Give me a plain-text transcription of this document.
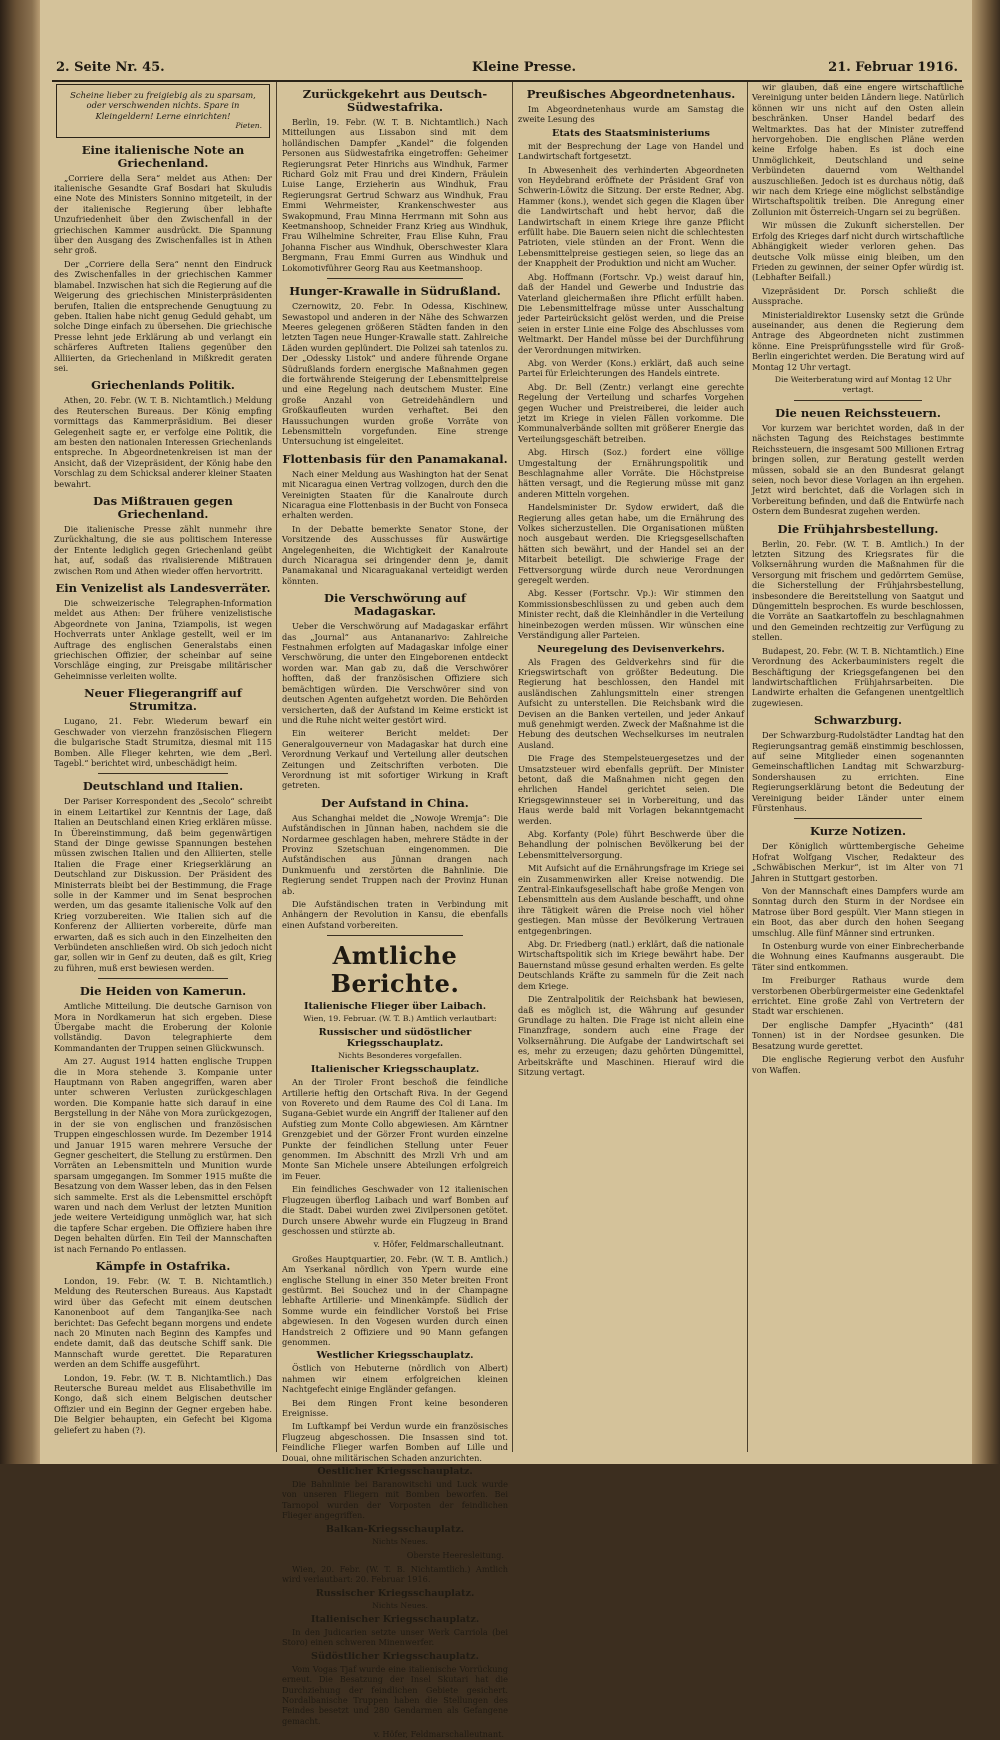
2. Seite Nr. 45.	Kleine Presse.	21. Februar 1916.
Scheine lieber zu freigiebig als zu sparsam, oder verschwenden nichts. Spare in Kleingeldern! Lerne einrichten!
Pieten.
Eine italienische Note an Griechenland.

„Corriere della Sera“ meldet aus Athen: Der italienische Gesandte Graf Bosdari hat Skuludis eine Note des Ministers Sonnino mitgeteilt, in der der italienische Regierung über lebhafte Unzufriedenheit über den Zwischenfall in der griechischen Kammer ausdrückt. Die Spannung über den Ausgang des Zwischenfalles ist in Athen sehr groß.

Der „Corriere della Sera“ nennt den Eindruck des Zwischenfalles in der griechischen Kammer blamabel. Inzwischen hat sich die Regierung auf die Weigerung des griechischen Ministerpräsidenten berufen, Italien die entsprechende Genugtuung zu geben. Italien habe nicht genug Geduld gehabt, um solche Dinge einfach zu übersehen. Die griechische Presse lehnt jede Erklärung ab und verlangt ein schärferes Auftreten Italiens gegenüber den Alliierten, da Griechenland in Mißkredit geraten sei.

Griechenlands Politik.

Athen, 20. Febr. (W. T. B. Nichtamtlich.) Meldung des Reuterschen Bureaus. Der König empfing vormittags das Kammerpräsidium. Bei dieser Gelegenheit sagte er, er verfolge eine Politik, die am besten den nationalen Interessen Griechenlands entspreche. In Abgeordnetenkreisen ist man der Ansicht, daß der Vizepräsident, der König habe den Vorschlag zu dem Schicksal anderer kleiner Staaten bewahrt.

Das Mißtrauen gegen Griechenland.

Die italienische Presse zählt nunmehr ihre Zurückhaltung, die sie aus politischem Interesse der Entente lediglich gegen Griechenland geübt hat, auf, sodaß das rivalisierende Mißtrauen zwischen Rom und Athen wieder offen hervortritt.

Ein Venizelist als Landesverräter.

Die schweizerische Telegraphen-Information meldet aus Athen: Der frühere venizelistische Abgeordnete von Janina, Tziampolis, ist wegen Hochverrats unter Anklage gestellt, weil er im Auftrage des englischen Generalstabs einen griechischen Offizier, der scheinbar auf seine Vorschläge einging, zur Preisgabe militärischer Geheimnisse verleiten wollte.

Neuer Fliegerangriff auf Strumitza.

Lugano, 21. Febr. Wiederum bewarf ein Geschwader von vierzehn französischen Fliegern die bulgarische Stadt Strumitza, diesmal mit 115 Bomben. Alle Flieger kehrten, wie dem „Berl. Tagebl.“ berichtet wird, unbeschädigt heim.

Deutschland und Italien.

Der Pariser Korrespondent des „Secolo“ schreibt in einem Leitartikel zur Kenntnis der Lage, daß Italien an Deutschland einen Krieg erklären müsse. In Übereinstimmung, daß beim gegenwärtigen Stand der Dinge gewisse Spannungen bestehen müssen zwischen Italien und den Alliierten, stelle Italien die Frage einer Kriegserklärung an Deutschland zur Diskussion. Der Präsident des Ministerrats bleibt bei der Bestimmung, die Frage solle in der Kammer und im Senat besprochen werden, um das gesamte italienische Volk auf den Krieg vorzubereiten. Wie Italien sich auf die Konferenz der Alliierten vorbereite, dürfe man erwarten, daß es sich auch in den Einzelheiten den Verbündeten anschließen wird. Ob sich jedoch nicht gar, sollen wir in Genf zu deuten, daß es gilt, Krieg zu führen, muß erst bewiesen werden.

Die Heiden von Kamerun.

Amtliche Mitteilung. Die deutsche Garnison von Mora in Nordkamerun hat sich ergeben. Diese Übergabe macht die Eroberung der Kolonie vollständig. Davon telegraphierte dem Kommandanten der Truppen seinen Glückwunsch.

Am 27. August 1914 hatten englische Truppen die in Mora stehende 3. Kompanie unter Hauptmann von Raben angegriffen, waren aber unter schweren Verlusten zurückgeschlagen worden. Die Kompanie hatte sich darauf in eine Bergstellung in der Nähe von Mora zurückgezogen, in der sie von englischen und französischen Truppen eingeschlossen wurde. Im Dezember 1914 und Januar 1915 waren mehrere Versuche der Gegner gescheitert, die Stellung zu erstürmen. Den Vorräten an Lebensmitteln und Munition wurde sparsam umgegangen. Im Sommer 1915 mußte die Besatzung von dem Wasser leben, das in den Felsen sich sammelte. Erst als die Lebensmittel erschöpft waren und nach dem Verlust der letzten Munition jede weitere Verteidigung unmöglich war, hat sich die tapfere Schar ergeben. Die Offiziere haben ihre Degen behalten dürfen. Ein Teil der Mannschaften ist nach Fernando Po entlassen.

Kämpfe in Ostafrika.

London, 19. Febr. (W. T. B. Nichtamtlich.) Meldung des Reuterschen Bureaus. Aus Kapstadt wird über das Gefecht mit einem deutschen Kanonenboot auf dem Tanganjika-See nach berichtet: Das Gefecht begann morgens und endete nach 20 Minuten nach Beginn des Kampfes und endete damit, daß das deutsche Schiff sank. Die Mannschaft wurde gerettet. Die Reparaturen werden an dem Schiffe ausgeführt.

London, 19. Febr. (W. T. B. Nichtamtlich.) Das Reutersche Bureau meldet aus Elisabethville im Kongo, daß sich einem Belgischen deutscher Offizier und ein Beginn der Gegner ergeben habe. Die Belgier behaupten, ein Gefecht bei Kigoma geliefert zu haben (?).

Zurückgekehrt aus Deutsch-Südwestafrika.

Berlin, 19. Febr. (W. T. B. Nichtamtlich.) Nach Mitteilungen aus Lissabon sind mit dem holländischen Dampfer „Kandel“ die folgenden Personen aus Südwestafrika eingetroffen: Geheimer Regierungsrat Peter Hinrichs aus Windhuk, Farmer Richard Golz mit Frau und drei Kindern, Fräulein Luise Lange, Erzieherin aus Windhuk, Frau Regierungsrat Gertrud Schwarz aus Windhuk, Frau Emmi Wehrmeister, Krankenschwester aus Swakopmund, Frau Minna Herrmann mit Sohn aus Keetmanshoop, Schneider Franz Krieg aus Windhuk, Frau Wilhelmine Schreiter, Frau Elise Kuhn, Frau Johanna Fischer aus Windhuk, Oberschwester Klara Bergmann, Frau Emmi Gurren aus Windhuk und Lokomotivführer Georg Rau aus Keetmanshoop.

Hunger-Krawalle in Südrußland.

Czernowitz, 20. Febr. In Odessa, Kischinew, Sewastopol und anderen in der Nähe des Schwarzen Meeres gelegenen größeren Städten fanden in den letzten Tagen neue Hunger-Krawalle statt. Zahlreiche Läden wurden geplündert. Die Polizei sah tatenlos zu. Der „Odessky Listok“ und andere führende Organe Südrußlands fordern energische Maßnahmen gegen die fortwährende Steigerung der Lebensmittelpreise und eine Regelung nach deutschem Muster. Eine große Anzahl von Getreidehändlern und Großkaufleuten wurden verhaftet. Bei den Haussuchungen wurden große Vorräte von Lebensmitteln vorgefunden. Eine strenge Untersuchung ist eingeleitet.

Flottenbasis für den Panamakanal.

Nach einer Meldung aus Washington hat der Senat mit Nicaragua einen Vertrag vollzogen, durch den die Vereinigten Staaten für die Kanalroute durch Nicaragua eine Flottenbasis in der Bucht von Fonseca erhalten werden.

In der Debatte bemerkte Senator Stone, der Vorsitzende des Ausschusses für Auswärtige Angelegenheiten, die Wichtigkeit der Kanalroute durch Nicaragua sei dringender denn je, damit Panamakanal und Nicaraguakanal verteidigt werden könnten.

Die Verschwörung auf Madagaskar.

Ueber die Verschwörung auf Madagaskar erfährt das „Journal“ aus Antananarivo: Zahlreiche Festnahmen erfolgten auf Madagaskar infolge einer Verschwörung, die unter den Eingeborenen entdeckt worden war. Man gab zu, daß die Verschwörer hofften, daß der französischen Offiziere sich bemächtigen würden. Die Verschwörer sind von deutschen Agenten aufgehetzt worden. Die Behörden versicherten, daß der Aufstand im Keime erstickt ist und die Ruhe nicht weiter gestört wird.

Ein weiterer Bericht meldet: Der Generalgouverneur von Madagaskar hat durch eine Verordnung Verkauf und Verteilung aller deutschen Zeitungen und Zeitschriften verboten. Die Verordnung ist mit sofortiger Wirkung in Kraft getreten.

Der Aufstand in China.

Aus Schanghai meldet die „Nowoje Wremja“: Die Aufständischen in Jünnan haben, nachdem sie die Nordarmee geschlagen haben, mehrere Städte in der Provinz Szetschuan eingenommen. Die Aufständischen aus Jünnan drangen nach Dunkmuenfu und zerstörten die Bahnlinie. Die Regierung sendet Truppen nach der Provinz Hunan ab.

Die Aufständischen traten in Verbindung mit Anhängern der Revolution in Kansu, die ebenfalls einen Aufstand vorbereiten.

Amtliche Berichte.
Italienische Flieger über Laibach.

Wien, 19. Februar. (W. T. B.) Amtlich verlautbart:

Russischer und südöstlicher Kriegsschauplatz.

Nichts Besonderes vorgefallen.

Italienischer Kriegsschauplatz.

An der Tiroler Front beschoß die feindliche Artillerie heftig den Ortschaft Riva. In der Gegend von Rovereto und dem Raume des Col di Lana. Im Sugana-Gebiet wurde ein Angriff der Italiener auf den Aufstieg zum Monte Collo abgewiesen. Am Kärntner Grenzgebiet und der Görzer Front wurden einzelne Punkte der feindlichen Stellung unter Feuer genommen. Im Abschnitt des Mrzli Vrh und am Monte San Michele unsere Abteilungen erfolgreich im Feuer.

Ein feindliches Geschwader von 12 italienischen Flugzeugen überflog Laibach und warf Bomben auf die Stadt. Dabei wurden zwei Zivilpersonen getötet. Durch unsere Abwehr wurde ein Flugzeug in Brand geschossen und stürzte ab.

v. Höfer, Feldmarschalleutnant.

Großes Hauptquartier, 20. Febr. (W. T. B. Amtlich.) Am Yserkanal nördlich von Ypern wurde eine englische Stellung in einer 350 Meter breiten Front gestürmt. Bei Souchez und in der Champagne lebhafte Artillerie- und Minenkämpfe. Südlich der Somme wurde ein feindlicher Vorstoß bei Frise abgewiesen. In den Vogesen wurden durch einen Handstreich 2 Offiziere und 90 Mann gefangen genommen.

Westlicher Kriegsschauplatz.

Östlich von Hebuterne (nördlich von Albert) nahmen wir einem erfolgreichen kleinen Nachtgefecht einige Engländer gefangen.

Bei dem Ringen Front keine besonderen Ereignisse.

Im Luftkampf bei Verdun wurde ein französisches Flugzeug abgeschossen. Die Insassen sind tot. Feindliche Flieger warfen Bomben auf Lille und Douai, ohne militärischen Schaden anzurichten.

Oestlicher Kriegsschauplatz.

Die Bahnlinie bei Baranowitschi und Luck wurde von unseren Fliegern mit Bomben beworfen. Bei Tarnopol wurden der Vorposten der feindlichen Flieger angegriffen.

Balkan-Kriegsschauplatz.

Nichts Neues.

Oberste Heeresleitung.

Wien, 20. Febr. (W. T. B. Nichtamtlich.) Amtlich wird verlautbart: 20. Februar 1916.

Russischer Kriegsschauplatz.

Nichts Neues.

Italienischer Kriegsschauplatz.

In den Judicarien setzte unser Werk Carriola (bei Storo) einen schweren Minenwerfer.

Südöstlicher Kriegsschauplatz.

Vom Vogas Tjaf wurde eine italienische Vorrückung erneut. Die Besatzung der Insel Skutari hat die Durchziehung der feindlichen Gebiete gesichert. Nordalbanische Truppen haben die Stellungen des Feindes besetzt und 280 Gendarmen als Gefangene gemacht.

v. Höfer, Feldmarschalleutnant.
Preußisches Abgeordnetenhaus.

Im Abgeordnetenhaus wurde am Samstag die zweite Lesung des

Etats des Staatsministeriums

mit der Besprechung der Lage von Handel und Landwirtschaft fortgesetzt.

In Abwesenheit des verhinderten Abgeordneten von Heydebrand eröffnete der Präsident Graf von Schwerin-Löwitz die Sitzung. Der erste Redner, Abg. Hammer (kons.), wendet sich gegen die Klagen über die Landwirtschaft und hebt hervor, daß die Landwirtschaft in einem Kriege ihre ganze Pflicht erfüllt habe. Die Bauern seien nicht die schlechtesten Patrioten, viele stünden an der Front. Wenn die Lebensmittelpreise gestiegen seien, so liege das an der Knappheit der Produktion und nicht am Wucher.

Abg. Hoffmann (Fortschr. Vp.) weist darauf hin, daß der Handel und Gewerbe und Industrie das Vaterland gleichermaßen ihre Pflicht erfüllt haben. Die Lebensmittelfrage müsse unter Ausschaltung jeder Parteirücksicht gelöst werden, und die Preise seien in erster Linie eine Folge des Abschlusses vom Weltmarkt. Der Handel müsse bei der Durchführung der Verordnungen mitwirken.

Abg. von Werder (Kons.) erklärt, daß auch seine Partei für Erleichterungen des Handels eintrete.

Abg. Dr. Bell (Zentr.) verlangt eine gerechte Regelung der Verteilung und scharfes Vorgehen gegen Wucher und Preistreiberei, die leider auch jetzt im Kriege in vielen Fällen vorkomme. Die Kommunalverbände sollten mit größerer Energie das Verteilungsgeschäft betreiben.

Abg. Hirsch (Soz.) fordert eine völlige Umgestaltung der Ernährungspolitik und Beschlagnahme aller Vorräte. Die Höchstpreise hätten versagt, und die Regierung müsse mit ganz anderen Mitteln vorgehen.

Handelsminister Dr. Sydow erwidert, daß die Regierung alles getan habe, um die Ernährung des Volkes sicherzustellen. Die Organisationen müßten noch ausgebaut werden. Die Kriegsgesellschaften hätten sich bewährt, und der Handel sei an der Mitarbeit beteiligt. Die schwierige Frage der Fettversorgung würde durch neue Verordnungen geregelt werden.

Abg. Kesser (Fortschr. Vp.): Wir stimmen den Kommissionsbeschlüssen zu und geben auch dem Minister recht, daß die Kleinhändler in die Verteilung hineinbezogen werden müssen. Wir wünschen eine Verständigung aller Parteien.

Neuregelung des Devisenverkehrs.

Als Fragen des Geldverkehrs sind für die Kriegswirtschaft von größter Bedeutung. Die Regierung hat beschlossen, den Handel mit ausländischen Zahlungsmitteln einer strengen Aufsicht zu unterstellen. Die Reichsbank wird die Devisen an die Banken verteilen, und jeder Ankauf muß genehmigt werden. Zweck der Maßnahme ist die Hebung des deutschen Wechselkurses im neutralen Ausland.

Die Frage des Stempelsteuergesetzes und der Umsatzsteuer wird ebenfalls geprüft. Der Minister betont, daß die Maßnahmen nicht gegen den ehrlichen Handel gerichtet seien. Die Kriegsgewinnsteuer sei in Vorbereitung, und das Haus werde bald mit Vorlagen bekanntgemacht werden.

Abg. Korfanty (Pole) führt Beschwerde über die Behandlung der polnischen Bevölkerung bei der Lebensmittelversorgung.

Mit Aufsicht auf die Ernährungsfrage im Kriege sei ein Zusammenwirken aller Kreise notwendig. Die Zentral-Einkaufsgesellschaft habe große Mengen von Lebensmitteln aus dem Auslande beschafft, und ohne ihre Tätigkeit wären die Preise noch viel höher gestiegen. Man müsse der Bevölkerung Vertrauen entgegenbringen.

Abg. Dr. Friedberg (natl.) erklärt, daß die nationale Wirtschaftspolitik sich im Kriege bewährt habe. Der Bauernstand müsse gesund erhalten werden. Es gelte Deutschlands Kräfte zu sammeln für die Zeit nach dem Kriege.

Die Zentralpolitik der Reichsbank hat bewiesen, daß es möglich ist, die Währung auf gesunder Grundlage zu halten. Die Frage ist nicht allein eine Finanzfrage, sondern auch eine Frage der Volksernährung. Die Aufgabe der Landwirtschaft sei es, mehr zu erzeugen; dazu gehörten Düngemittel, Arbeitskräfte und Maschinen. Hierauf wird die Sitzung vertagt.

wir glauben, daß eine engere wirtschaftliche Vereinigung unter beiden Ländern liege. Natürlich können wir uns nicht auf den Osten allein beschränken. Unser Handel bedarf des Weltmarktes. Das hat der Minister zutreffend hervorgehoben. Die englischen Pläne werden keine Erfolge haben. Es ist doch eine Unmöglichkeit, Deutschland und seine Verbündeten dauernd vom Welthandel auszuschließen. Jedoch ist es durchaus nötig, daß wir nach dem Kriege eine möglichst selbständige Wirtschaftspolitik treiben. Die Anregung einer Zollunion mit Österreich-Ungarn sei zu begrüßen.

Wir müssen die Zukunft sicherstellen. Der Erfolg des Krieges darf nicht durch wirtschaftliche Abhängigkeit wieder verloren gehen. Das deutsche Volk müsse einig bleiben, um den Frieden zu gewinnen, der seiner Opfer würdig ist. (Lebhafter Beifall.)

Vizepräsident Dr. Porsch schließt die Aussprache.

Ministerialdirektor Lusensky setzt die Gründe auseinander, aus denen die Regierung dem Antrage des Abgeordneten nicht zustimmen könne. Eine Preisprüfungsstelle wird für Groß-Berlin eingerichtet werden. Die Beratung wird auf Montag 12 Uhr vertagt.

Die Weiterberatung wird auf Montag 12 Uhr vertagt.

Die neuen Reichssteuern.

Vor kurzem war berichtet worden, daß in der nächsten Tagung des Reichstages bestimmte Reichssteuern, die insgesamt 500 Millionen Ertrag bringen sollen, zur Beratung gestellt werden müssen, sobald sie an den Bundesrat gelangt seien, noch bevor diese Vorlagen an ihn ergehen. Jetzt wird berichtet, daß die Vorlagen sich in Vorbereitung befinden, und daß die Entwürfe nach Ostern dem Bundesrat zugehen werden.

Die Frühjahrsbestellung.

Berlin, 20. Febr. (W. T. B. Amtlich.) In der letzten Sitzung des Kriegsrates für die Volksernährung wurden die Maßnahmen für die Versorgung mit frischem und gedörrtem Gemüse, die Sicherstellung der Frühjahrsbestellung, insbesondere die Bereitstellung von Saatgut und Düngemitteln besprochen. Es wurde beschlossen, die Vorräte an Saatkartoffeln zu beschlagnahmen und den Gemeinden rechtzeitig zur Verfügung zu stellen.

Budapest, 20. Febr. (W. T. B. Nichtamtlich.) Eine Verordnung des Ackerbauministers regelt die Beschäftigung der Kriegsgefangenen bei den landwirtschaftlichen Frühjahrsarbeiten. Die Landwirte erhalten die Gefangenen unentgeltlich zugewiesen.

Schwarzburg.

Der Schwarzburg-Rudolstädter Landtag hat den Regierungsantrag gemäß einstimmig beschlossen, auf seine Mitglieder einen sogenannten Gemeinschaftlichen Landtag mit Schwarzburg-Sondershausen zu errichten. Eine Regierungserklärung betont die Bedeutung der Vereinigung beider Länder unter einem Fürstenhaus.

Kurze Notizen.

Der Königlich württembergische Geheime Hofrat Wolfgang Vischer, Redakteur des „Schwäbischen Merkur“, ist im Alter von 71 Jahren in Stuttgart gestorben.

Von der Mannschaft eines Dampfers wurde am Sonntag durch den Sturm in der Nordsee ein Matrose über Bord gespült. Vier Mann stiegen in ein Boot, das aber durch den hohen Seegang umschlug. Alle fünf Männer sind ertrunken.

In Ostenburg wurde von einer Einbrecherbande die Wohnung eines Kaufmanns ausgeraubt. Die Täter sind entkommen.

Im Freiburger Rathaus wurde dem verstorbenen Oberbürgermeister eine Gedenktafel errichtet. Eine große Zahl von Vertretern der Stadt war erschienen.

Der englische Dampfer „Hyacinth“ (481 Tonnen) ist in der Nordsee gesunken. Die Besatzung wurde gerettet.

Die englische Regierung verbot den Ausfuhr von Waffen.
